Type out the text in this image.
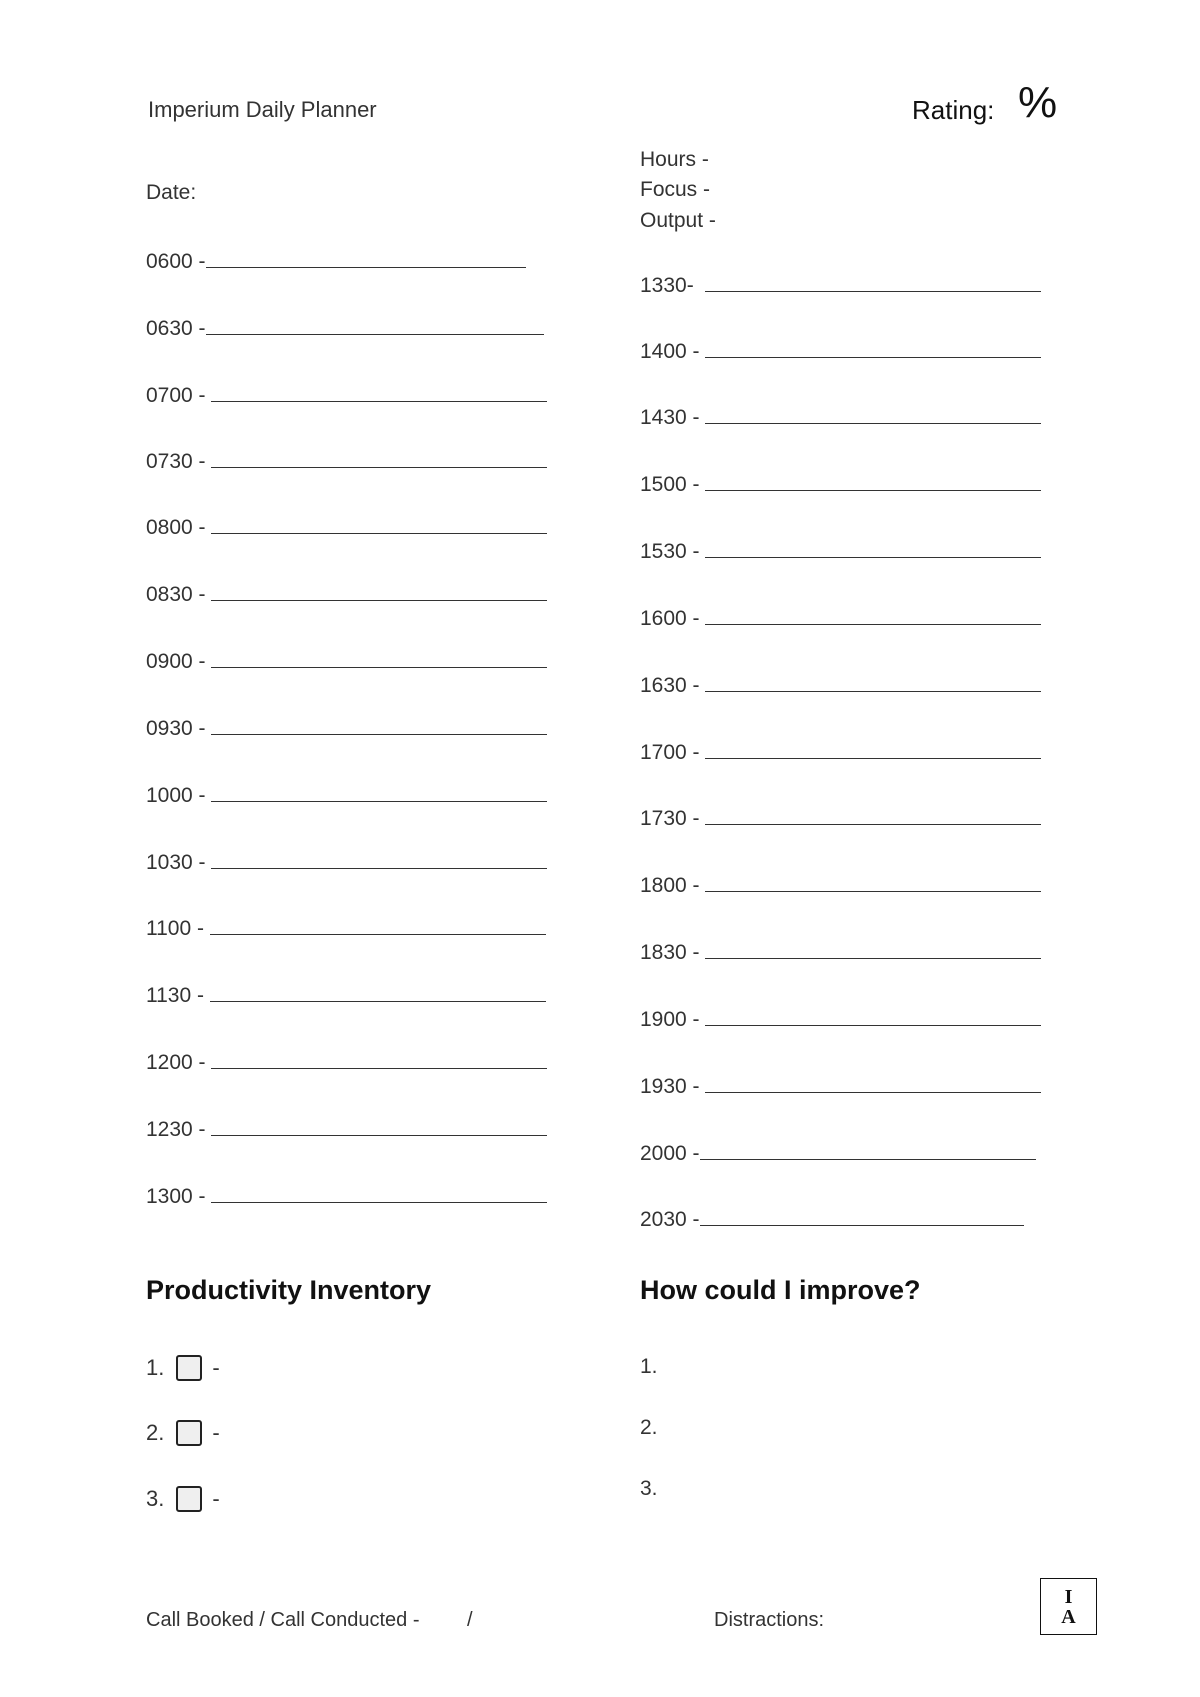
Imperium Daily Planner	Rating: %
Date:
Hours -
Focus -
Output -
0600 -
0630 -
0700 -
0730 -
0800 -
0830 -
0900 -
0930 -
1000 -
1030 -
1100 -
1130 -
1200 -
1230 -
1300 -
1330-
1400 -
1430 -
1500 -
1530 -
1600 -
1630 -
1700 -
1730 -
1800 -
1830 -
1900 -
1930 -
2000 -
2030 -
Productivity Inventory
1. -
2. -
3. -
How could I improve?
1.
2.
3.
Call Booked / Call Conducted - /	Distractions:
I
A
